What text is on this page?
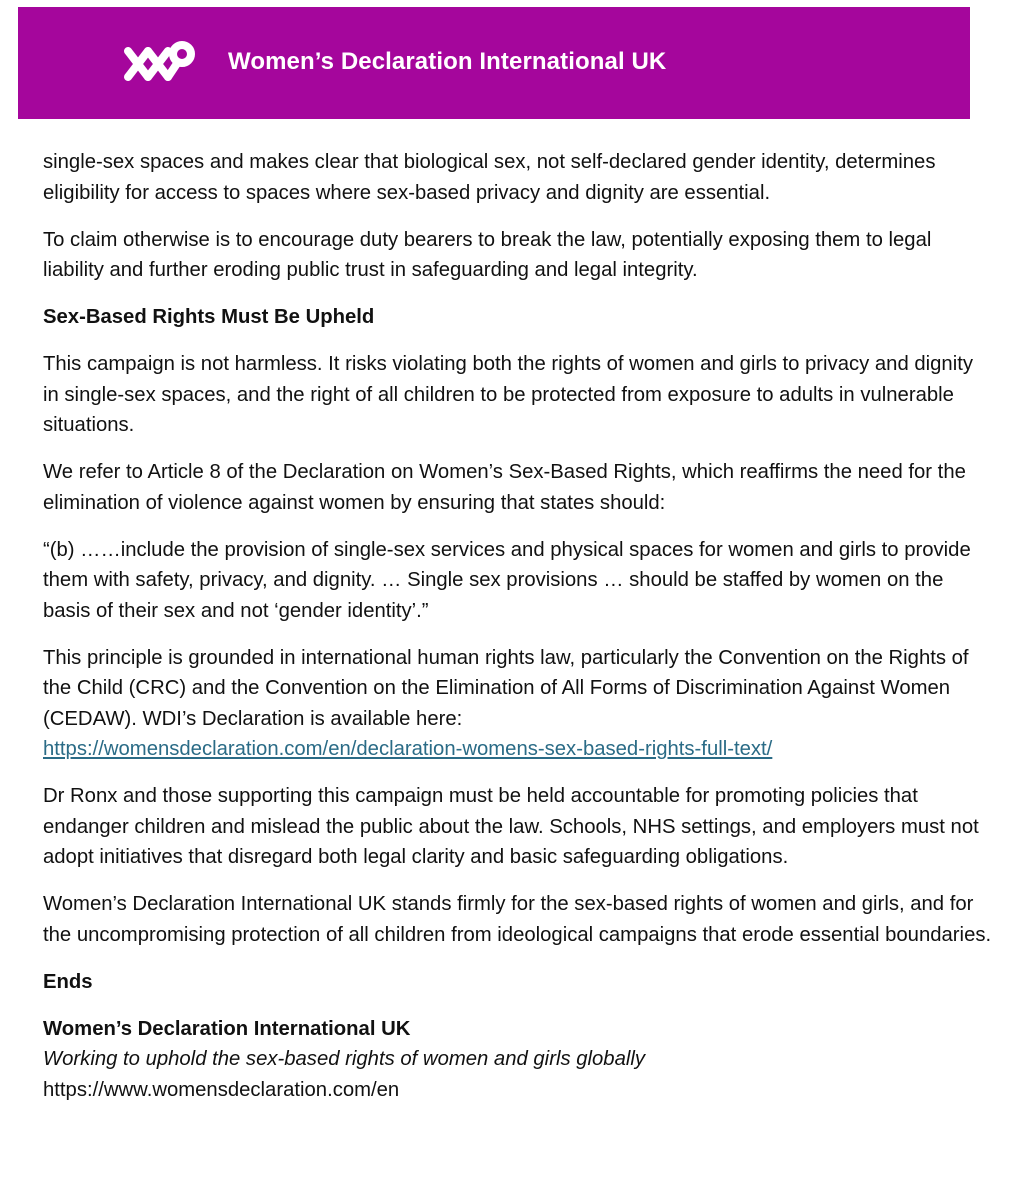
Women’s Declaration International UK

single-sex spaces and makes clear that biological sex, not self-declared gender identity, determines eligibility for access to spaces where sex-based privacy and dignity are essential.

To claim otherwise is to encourage duty bearers to break the law, potentially exposing them to legal liability and further eroding public trust in safeguarding and legal integrity.

Sex-Based Rights Must Be Upheld

This campaign is not harmless. It risks violating both the rights of women and girls to privacy and dignity in single-sex spaces, and the right of all children to be protected from exposure to adults in vulnerable situations.

We refer to Article 8 of the Declaration on Women’s Sex-Based Rights, which reaffirms the need for the elimination of violence against women by ensuring that states should:

“(b) ……include the provision of single-sex services and physical spaces for women and girls to provide them with safety, privacy, and dignity. … Single sex provisions … should be staffed by women on the basis of their sex and not ‘gender identity’.”

This principle is grounded in international human rights law, particularly the Convention on the Rights of the Child (CRC) and the Convention on the Elimination of All Forms of Discrimination Against Women (CEDAW). WDI’s Declaration is available here:
https://womensdeclaration.com/en/declaration-womens-sex-based-rights-full-text/

Dr Ronx and those supporting this campaign must be held accountable for promoting policies that endanger children and mislead the public about the law. Schools, NHS settings, and employers must not adopt initiatives that disregard both legal clarity and basic safeguarding obligations.

Women’s Declaration International UK stands firmly for the sex-based rights of women and girls, and for the uncompromising protection of all children from ideological campaigns that erode essential boundaries.

Ends

Women’s Declaration International UK
Working to uphold the sex-based rights of women and girls globally
https://www.womensdeclaration.com/en
